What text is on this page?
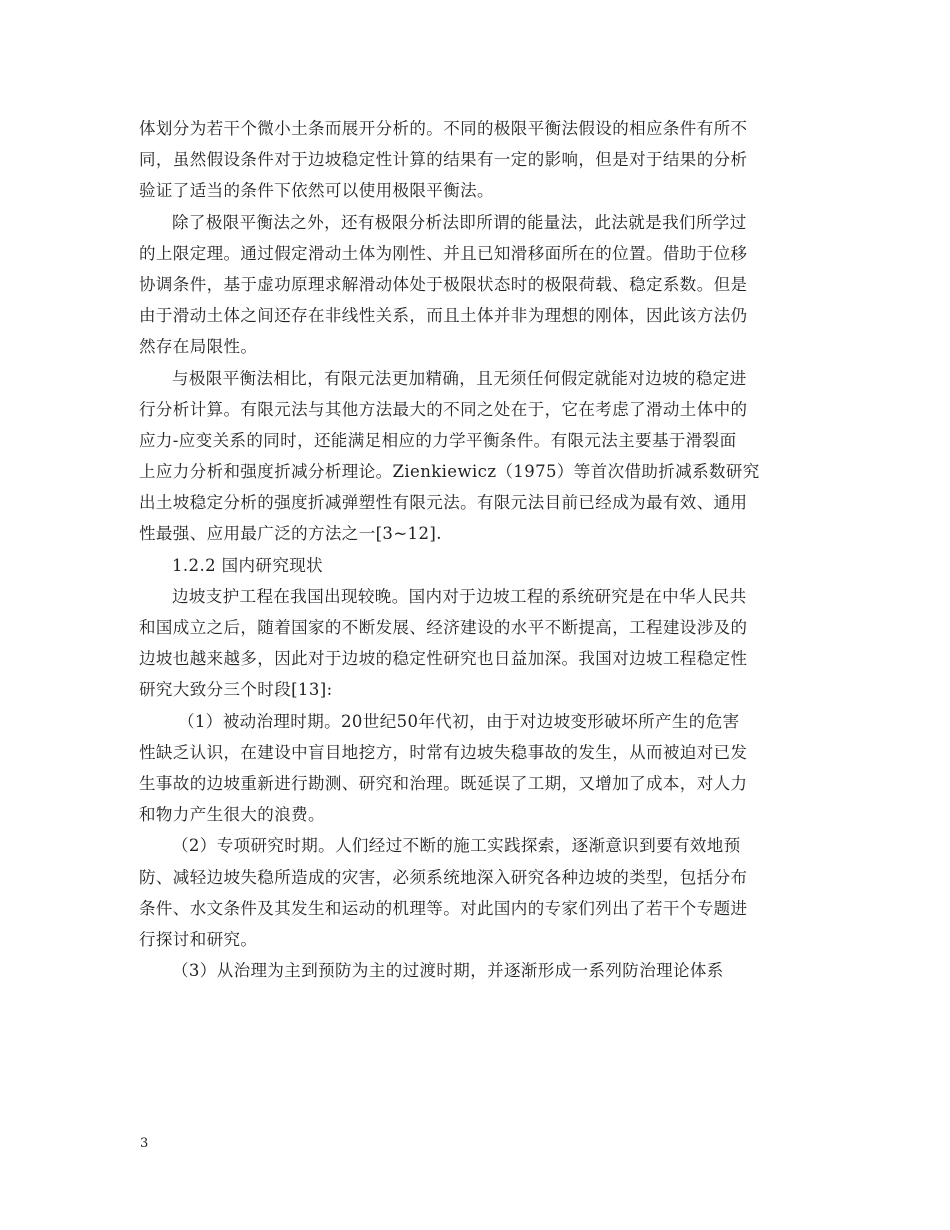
体划分为若干个微小土条而展开分析的。不同的极限平衡法假设的相应条件有所不
同，虽然假设条件对于边坡稳定性计算的结果有一定的影响，但是对于结果的分析
验证了适当的条件下依然可以使用极限平衡法。
除了极限平衡法之外，还有极限分析法即所谓的能量法，此法就是我们所学过
的上限定理。通过假定滑动土体为刚性、并且已知滑移面所在的位置。借助于位移
协调条件，基于虚功原理求解滑动体处于极限状态时的极限荷载、稳定系数。但是
由于滑动土体之间还存在非线性关系，而且土体并非为理想的刚体，因此该方法仍
然存在局限性。
与极限平衡法相比，有限元法更加精确，且无须任何假定就能对边坡的稳定进
行分析计算。有限元法与其他方法最大的不同之处在于，它在考虑了滑动土体中的
应力-应变关系的同时，还能满足相应的力学平衡条件。有限元法主要基于滑裂面
上应力分析和强度折减分析理论。Zienkiewicz（1975）等首次借助折减系数研究
出土坡稳定分析的强度折减弹塑性有限元法。有限元法目前已经成为最有效、通用
性最强、应用最广泛的方法之一[3~12].
1.2.2 国内研究现状
边坡支护工程在我国出现较晚。国内对于边坡工程的系统研究是在中华人民共
和国成立之后，随着国家的不断发展、经济建设的水平不断提高，工程建设涉及的
边坡也越来越多，因此对于边坡的稳定性研究也日益加深。我国对边坡工程稳定性
研究大致分三个时段[13]:
（1）被动治理时期。20世纪50年代初，由于对边坡变形破坏所产生的危害
性缺乏认识，在建设中盲目地挖方，时常有边坡失稳事故的发生，从而被迫对已发
生事故的边坡重新进行勘测、研究和治理。既延误了工期，又增加了成本，对人力
和物力产生很大的浪费。
（2）专项研究时期。人们经过不断的施工实践探索，逐渐意识到要有效地预
防、减轻边坡失稳所造成的灾害，必须系统地深入研究各种边坡的类型，包括分布
条件、水文条件及其发生和运动的机理等。对此国内的专家们列出了若干个专题进
行探讨和研究。
（3）从治理为主到预防为主的过渡时期，并逐渐形成一系列防治理论体系
3
